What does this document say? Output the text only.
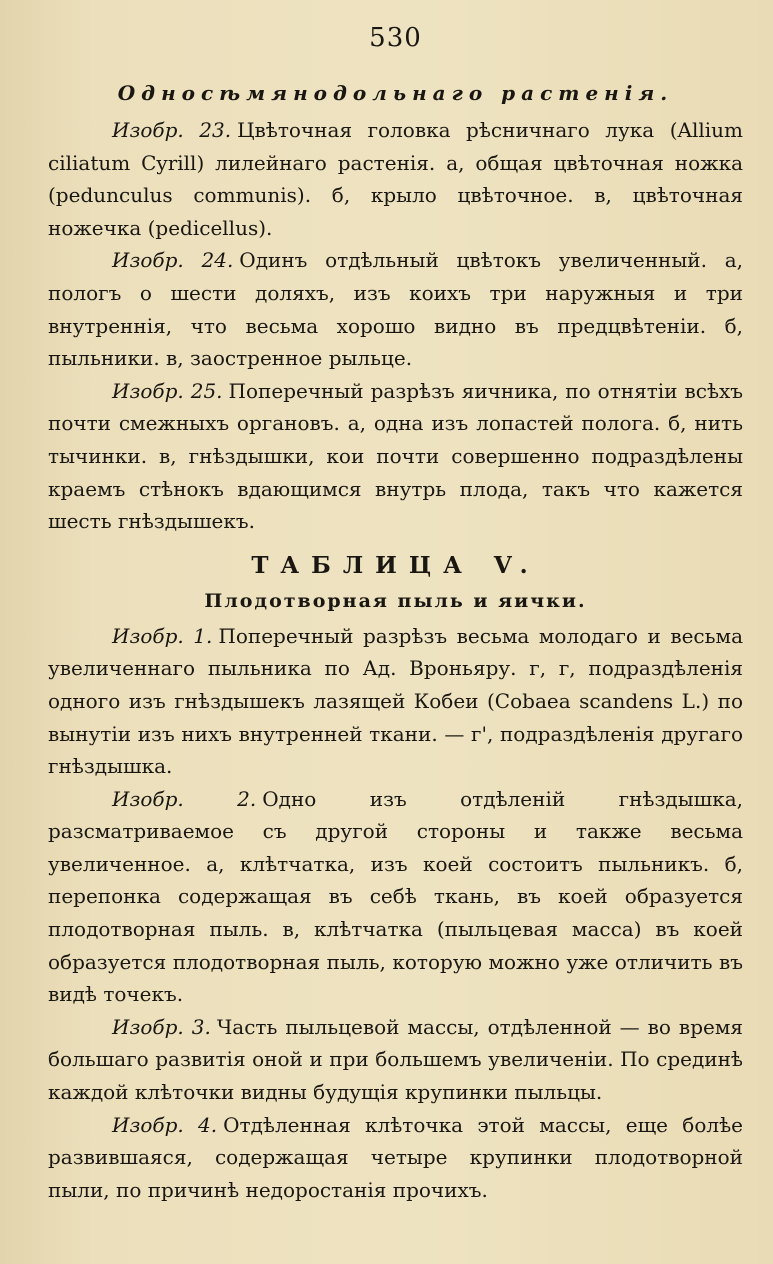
530
Односѣмянодольнаго растенія.

Изобр. 23. Цвѣточная головка рѣсничнаго лука (Allium ciliatum Cyrill) лилейнаго растенія. а, общая цвѣточная ножка (pedunculus communis). б, крыло цвѣточное. в, цвѣточная ножечка (pedicellus).

Изобр. 24. Одинъ отдѣльный цвѣтокъ увеличенный. а, пологъ о шести доляхъ, изъ коихъ три наружныя и три внутреннія, что весьма хорошо видно въ предцвѣтеніи. б, пыльники. в, заостренное рыльце.

Изобр. 25. Поперечный разрѣзъ яичника, по отнятіи всѣхъ почти смежныхъ органовъ. а, одна изъ лопастей полога. б, нить тычинки. в, гнѣздышки, кои почти совершенно подраздѣлены краемъ стѣнокъ вдающимся внутрь плода, такъ что кажется шесть гнѣздышекъ.

ТАБЛИЦА V.
Плодотворная пыль и яички.

Изобр. 1. Поперечный разрѣзъ весьма молодаго и весьма увеличеннаго пыльника по Ад. Вроньяру. г, г, подраздѣленія одного изъ гнѣздышекъ лазящей Кобеи (Cobaea scandens L.) по вынутіи изъ нихъ внутренней ткани. — г', подраздѣленія другаго гнѣздышка.

Изобр. 2. Одно изъ отдѣленій гнѣздышка, разсматриваемое съ другой стороны и также весьма увеличенное. а, клѣтчатка, изъ коей состоитъ пыльникъ. б, перепонка содержащая въ себѣ ткань, въ коей образуется плодотворная пыль. в, клѣтчатка (пыльцевая масса) въ коей образуется плодотворная пыль, которую можно уже отличить въ видѣ точекъ.

Изобр. 3. Часть пыльцевой массы, отдѣленной — во время большаго развитія оной и при большемъ увеличеніи. По срединѣ каждой клѣточки видны будущія крупинки пыльцы.

Изобр. 4. Отдѣленная клѣточка этой массы, еще болѣе развившаяся, содержащая четыре крупинки плодотворной пыли, по причинѣ недоростанія прочихъ.
